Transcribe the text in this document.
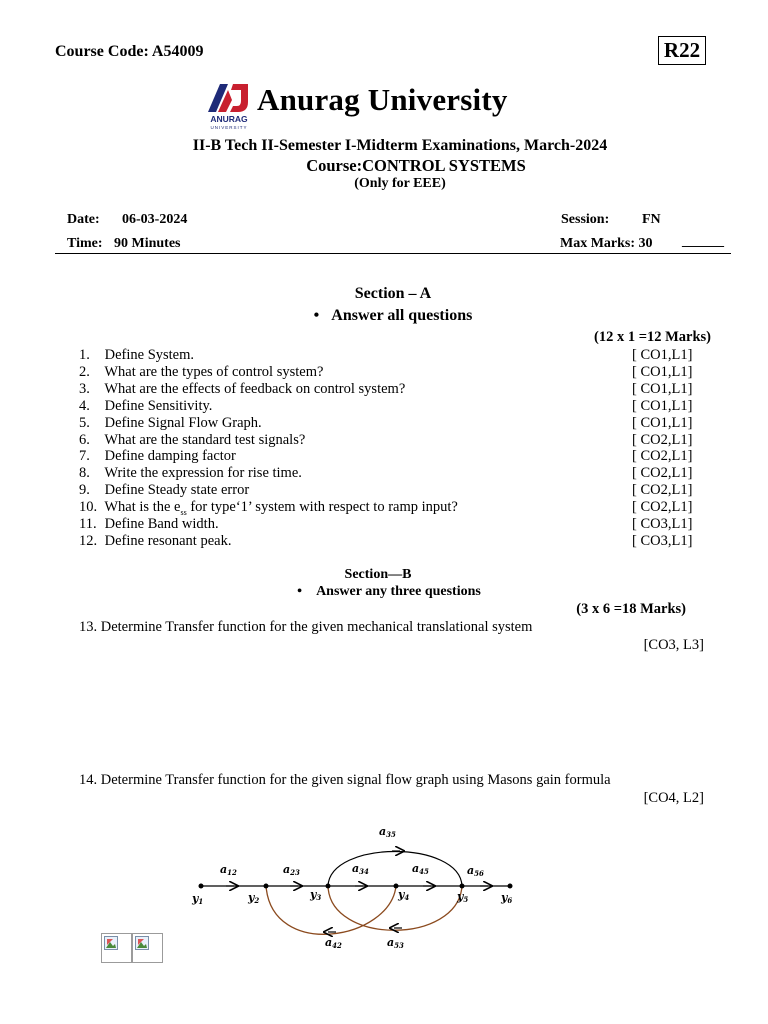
Course Code: A54009	R22
ANURAG
UNIVERSITY
Anurag University
II-B Tech II-Semester I-Midterm Examinations, March-2024
Course:CONTROL SYSTEMS
(Only for EEE)
Date: 06-03-2024	Session: FN
Time: 90 Minutes	Max Marks: 30 ______
Section – A
•   Answer all questions
(12 x 1 =12 Marks)
1. Define System.	[ CO1,L1]
2. What are the types of control system?	[ CO1,L1]
3. What are the effects of feedback on control system?	[ CO1,L1]
4. Define Sensitivity.	[ CO1,L1]
5. Define Signal Flow Graph.	[ CO1,L1]
6. What are the standard test signals?	[ CO2,L1]
7. Define damping factor	[ CO2,L1]
8. Write the expression for rise time.	[ CO2,L1]
9. Define Steady state error	[ CO2,L1]
10. What is the $e_{ss}$ for type‘1’ system with respect to ramp input?	[ CO2,L1]
11. Define Band width.	[ CO3,L1]
12. Define resonant peak.	[ CO3,L1]
Section—B
•    Answer any three questions
(3 x 6 =18 Marks)
13. Determine Transfer function for the given mechanical translational system
[CO3, L3]
14. Determine Transfer function for the given signal flow graph using Masons gain formula
[CO4, L2]
y1	y2	y3	y4	y5	y6
a12	a23	a34	a45	a56
a35
a42	a53
